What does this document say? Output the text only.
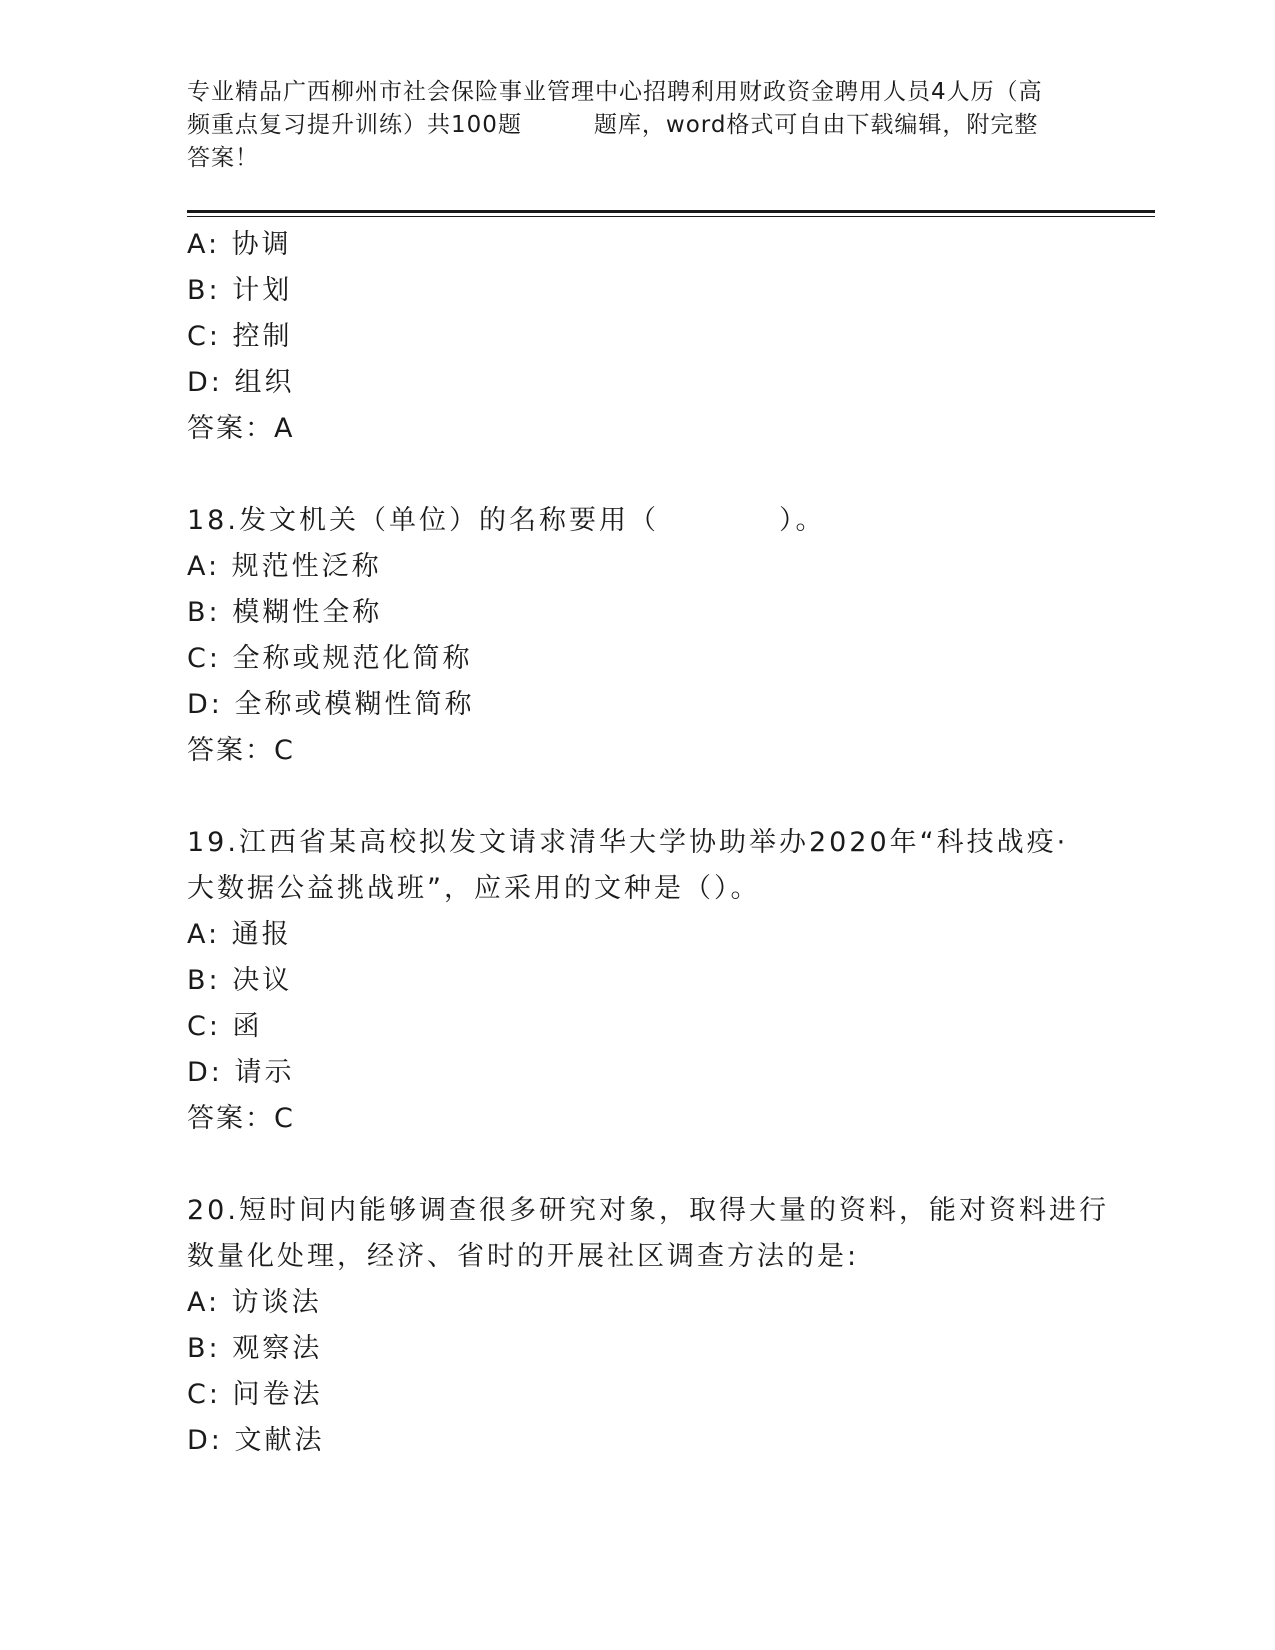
专业精品广西柳州市社会保险事业管理中心招聘利用财政资金聘用人员4人历（高

频重点复习提升训练）共100题　　　题库，word格式可自由下载编辑，附完整

答案！

A: 协调

B: 计划

C: 控制

D: 组织

答案：A

18.发文机关（单位）的名称要用（　　　　）。

A: 规范性泛称

B: 模糊性全称

C: 全称或规范化简称

D: 全称或模糊性简称

答案：C

19.江西省某高校拟发文请求清华大学协助举办2020年“科技战疫·

大数据公益挑战班”，应采用的文种是（）。

A: 通报

B: 决议

C: 函

D: 请示

答案：C

20.短时间内能够调查很多研究对象，取得大量的资料，能对资料进行

数量化处理，经济、省时的开展社区调查方法的是:

A: 访谈法

B: 观察法

C: 问卷法

D: 文献法
